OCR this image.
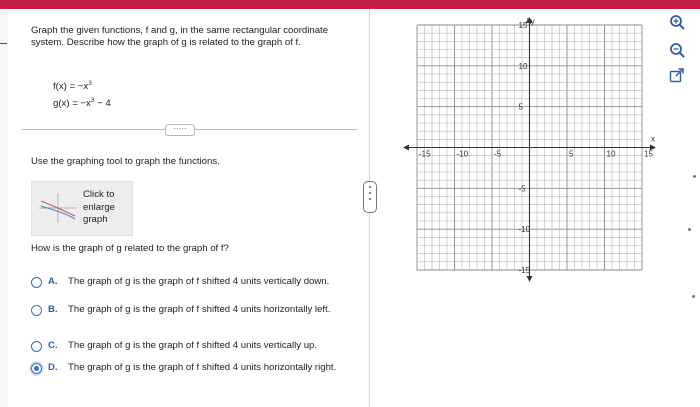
Graph the given functions, f and g, in the same rectangular coordinate system. Describe how the graph of g is related to the graph of f.
$f(x) = -x^3$
$g(x) = -x^3 - 4$
·····
Use the graphing tool to graph the functions.
Click to
enlarge
graph
How is the graph of g related to the graph of f?
A. The graph of g is the graph of f shifted 4 units vertically down.
B. The graph of g is the graph of f shifted 4 units horizontally left.
C. The graph of g is the graph of f shifted 4 units vertically up.
D. The graph of g is the graph of f shifted 4 units horizontally right.
-15	-10	-5	5	10	15
15
10
5
-5
-10
-15
x
Ay
